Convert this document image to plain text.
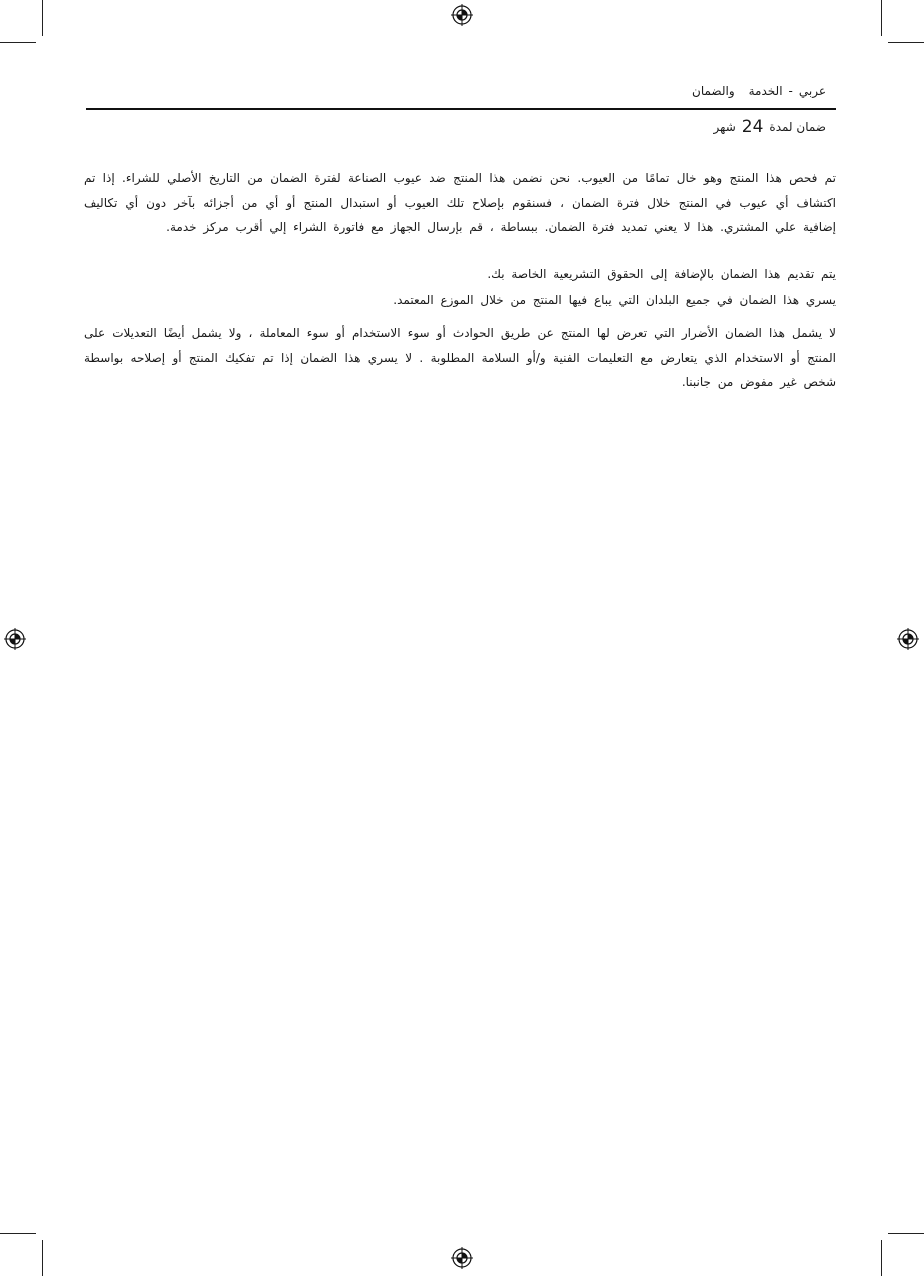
عربي-الخدمةوالضمان
ضمان لمدة24شهر
تم فحص هذا المنتج وهو خال تمامًا من العيوب. نحن نضمن هذا المنتج ضد عيوب الصناعة لفترة الضمان من التاريخ الأصلي للشراء. إذا تم اكتشاف أي عيوب في المنتج خلال فترة الضمان ، فسنقوم بإصلاح تلك العيوب أو استبدال المنتج أو أي من أجزائه بآخر دون أي تكاليف إضافية علي المشتري. هذا لا يعني تمديد فترة الضمان. ببساطة ، قم بإرسال الجهاز مع فاتورة الشراء إلي أقرب مركز خدمة.
يتم تقديم هذا الضمان بالإضافة إلى الحقوق التشريعية الخاصة بك.
يسري هذا الضمان في جميع البلدان التي يباع فيها المنتج من خلال الموزع المعتمد.
لا يشمل هذا الضمان الأضرار التي تعرض لها المنتج عن طريق الحوادث أو سوء الاستخدام أو سوء المعاملة ، ولا يشمل أيضًا التعديلات على المنتج أو الاستخدام الذي يتعارض مع التعليمات الفنية و/أو السلامة المطلوبة . لا يسري هذا الضمان إذا تم تفكيك المنتج أو إصلاحه بواسطة شخص غير مفوض من جانبنا.
